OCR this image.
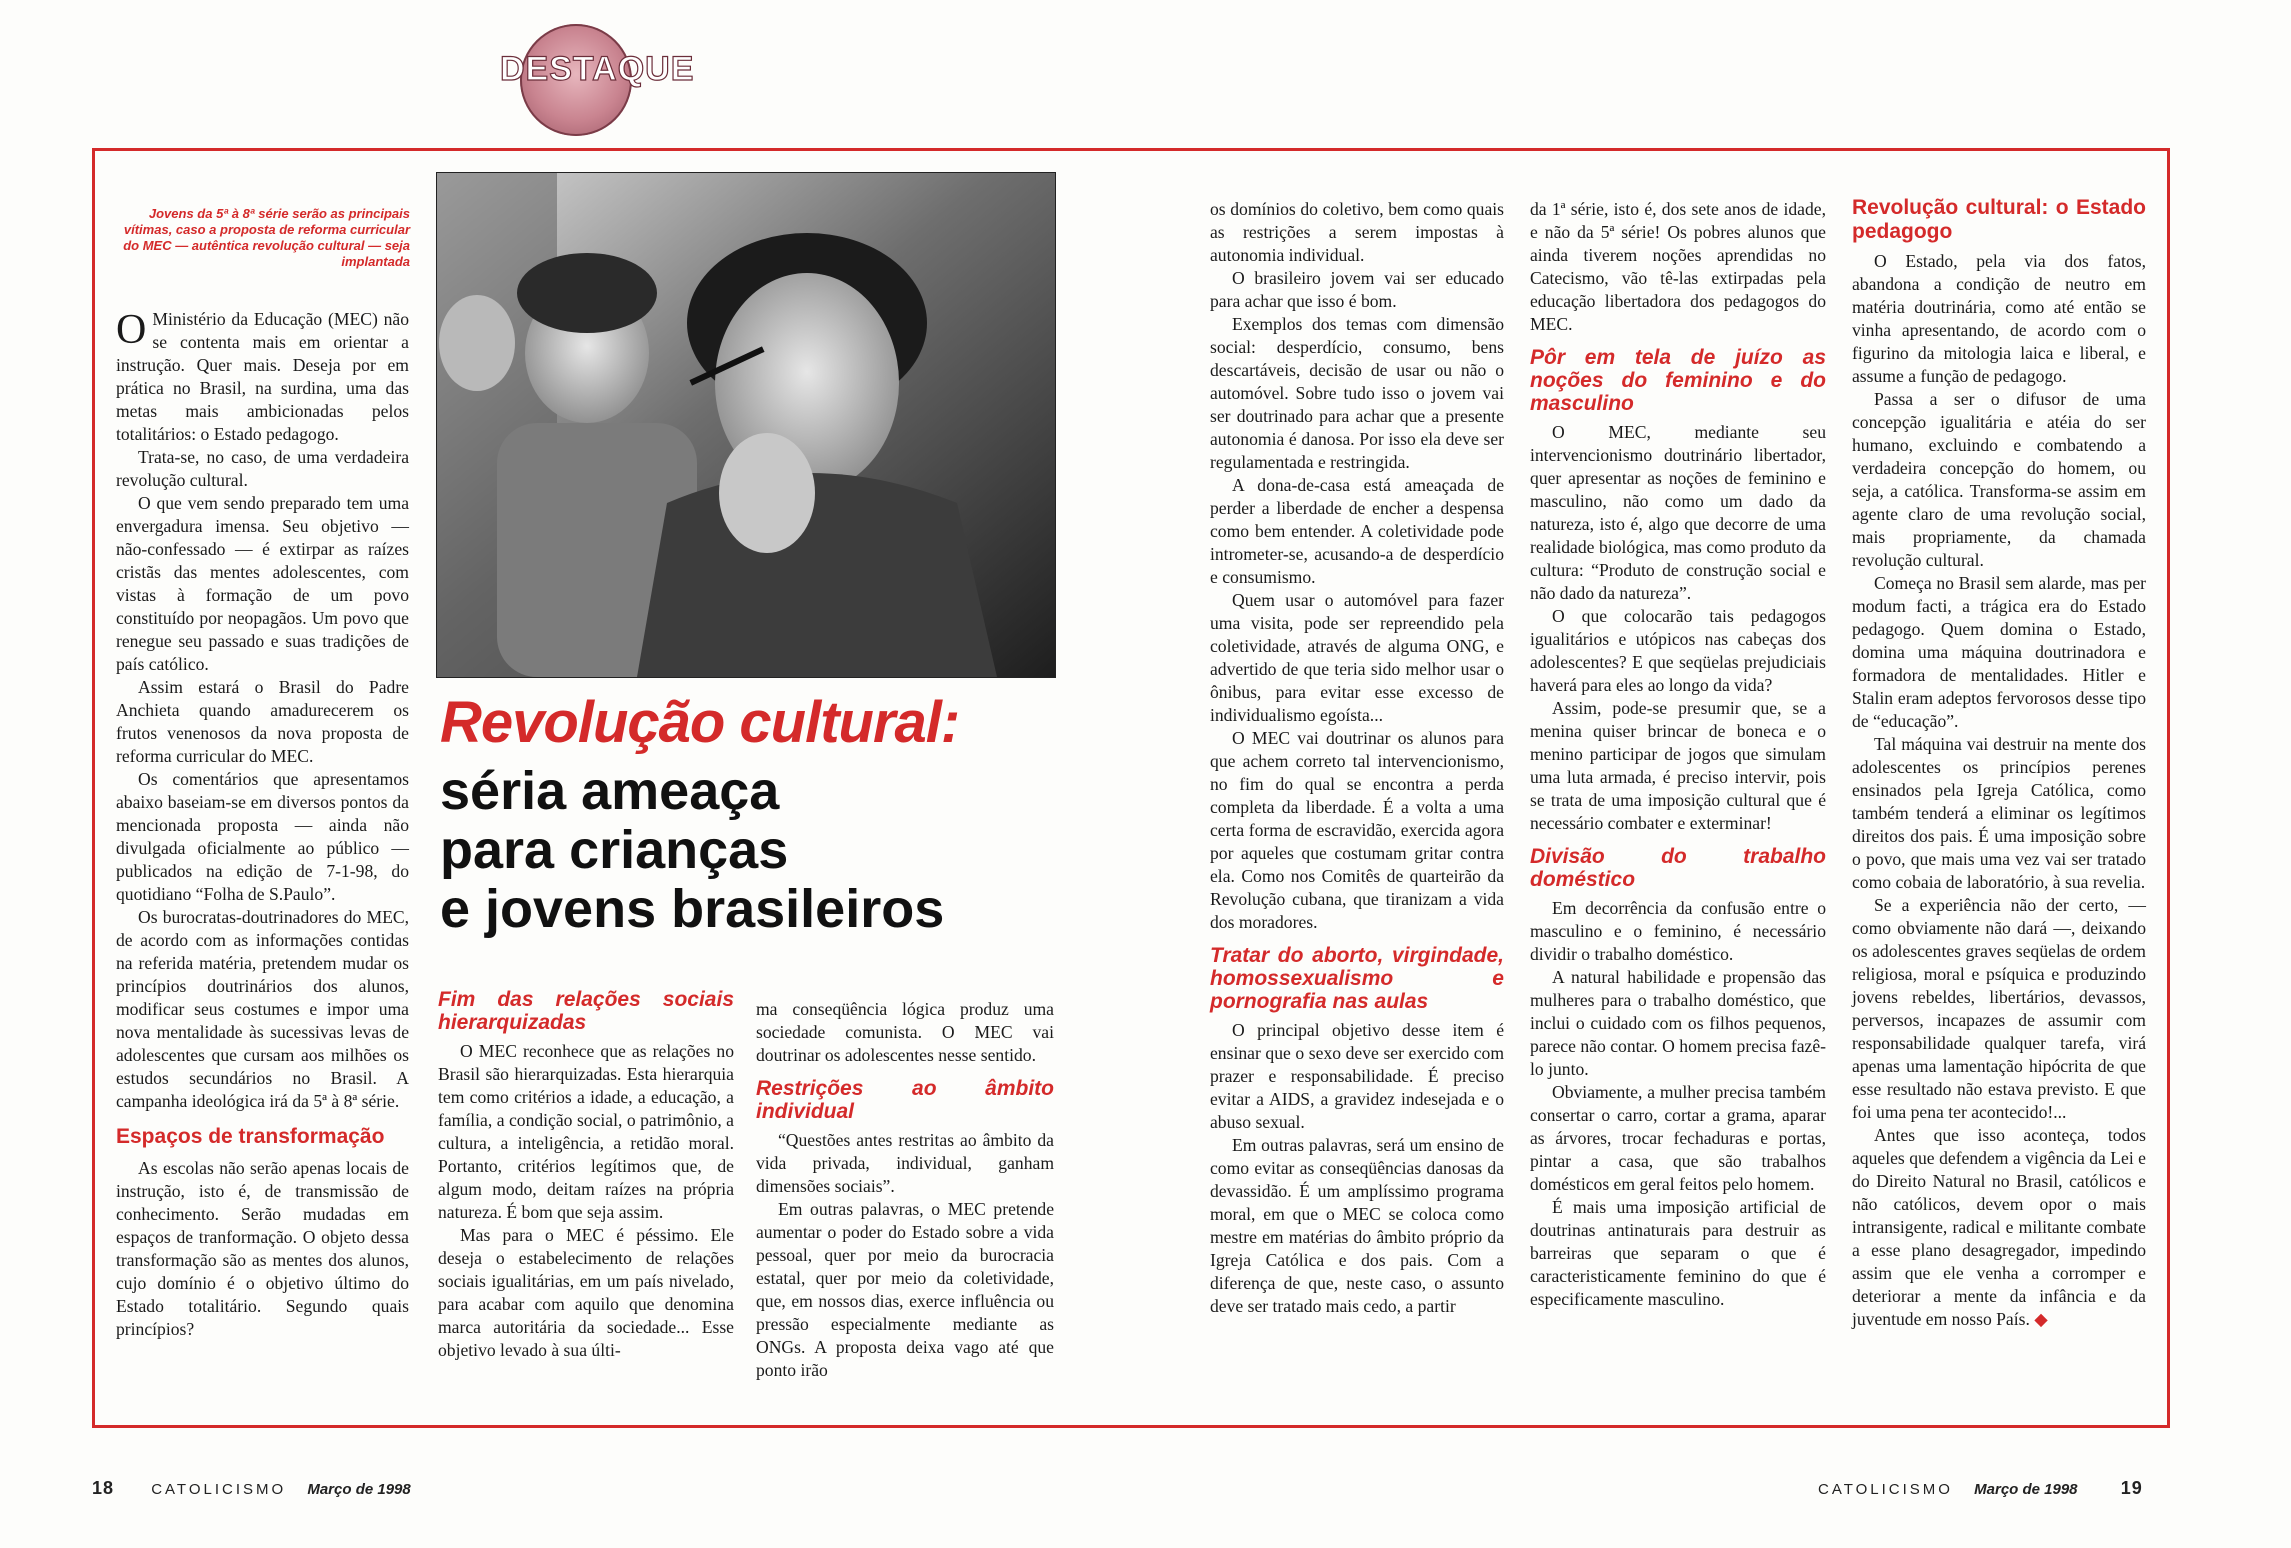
DESTAQUE
Jovens da 5ª à 8ª série serão as principais vítimas, caso a proposta de reforma curricular do MEC — autêntica revolução cultural — seja implantada
Revolução cultural:
séria ameaça
para crianças
e jovens brasileiros

O Ministério da Educação (MEC) não se contenta mais em orientar a instrução. Quer mais. Deseja por em prática no Brasil, na surdina, uma das metas mais ambicionadas pelos totalitários: o Estado pedagogo.

Trata-se, no caso, de uma verdadeira revolução cultural.

O que vem sendo preparado tem uma envergadura imensa. Seu objetivo — não-confessado — é extirpar as raízes cristãs das mentes adolescentes, com vistas à formação de um povo constituído por neopagãos. Um povo que renegue seu passado e suas tradições de país católico.

Assim estará o Brasil do Padre Anchieta quando amadurecerem os frutos venenosos da nova proposta de reforma curricular do MEC.

Os comentários que apresentamos abaixo baseiam-se em diversos pontos da mencionada proposta — ainda não divulgada oficialmente ao público — publicados na edição de 7-1-98, do quotidiano “Folha de S.Paulo”.

Os burocratas-doutrinadores do MEC, de acordo com as informações contidas na referida matéria, pretendem mudar os princípios doutrinários dos alunos, modificar seus costumes e impor uma nova mentalidade às sucessivas levas de adolescentes que cursam aos milhões os estudos secundários no Brasil. A campanha ideológica irá da 5ª à 8ª série.

Espaços de transformação

As escolas não serão apenas locais de instrução, isto é, de transmissão de conhecimento. Serão mudadas em espaços de tranformação. O objeto dessa transformação são as mentes dos alunos, cujo domínio é o objetivo último do Estado totalitário. Segundo quais princípios?

Fim das relações sociais hierarquizadas

O MEC reconhece que as relações no Brasil são hierarquizadas. Esta hierarquia tem como critérios a idade, a educação, a família, a condição social, o patrimônio, a cultura, a inteligência, a retidão moral. Portanto, critérios legítimos que, de algum modo, deitam raízes na própria natureza. É bom que seja assim.

Mas para o MEC é péssimo. Ele deseja o estabelecimento de relações sociais igualitárias, em um país nivelado, para acabar com aquilo que denomina marca autoritária da sociedade... Esse objetivo levado à sua últi-

ma conseqüência lógica produz uma sociedade comunista. O MEC vai doutrinar os adolescentes nesse sentido.

Restrições ao âmbito individual

“Questões antes restritas ao âmbito da vida privada, individual, ganham dimensões sociais”.

Em outras palavras, o MEC pretende aumentar o poder do Estado sobre a vida pessoal, quer por meio da burocracia estatal, quer por meio da coletividade, que, em nossos dias, exerce influência ou pressão especialmente mediante as ONGs. A proposta deixa vago até que ponto irão

os domínios do coletivo, bem como quais as restrições a serem impostas à autonomia individual.

O brasileiro jovem vai ser educado para achar que isso é bom.

Exemplos dos temas com dimensão social: desperdício, consumo, bens descartáveis, decisão de usar ou não o automóvel. Sobre tudo isso o jovem vai ser doutrinado para achar que a presente autonomia é danosa. Por isso ela deve ser regulamentada e restringida.

A dona-de-casa está ameaçada de perder a liberdade de encher a despensa como bem entender. A coletividade pode intrometer-se, acusando-a de desperdício e consumismo.

Quem usar o automóvel para fazer uma visita, pode ser repreendido pela coletividade, através de alguma ONG, e advertido de que teria sido melhor usar o ônibus, para evitar esse excesso de individualismo egoísta...

O MEC vai doutrinar os alunos para que achem correto tal intervencionismo, no fim do qual se encontra a perda completa da liberdade. É a volta a uma certa forma de escravidão, exercida agora por aqueles que costumam gritar contra ela. Como nos Comitês de quarteirão da Revolução cubana, que tiranizam a vida dos moradores.

Tratar do aborto, virgindade, homossexualismo e pornografia nas aulas

O principal objetivo desse item é ensinar que o sexo deve ser exercido com prazer e responsabilidade. É preciso evitar a AIDS, a gravidez indesejada e o abuso sexual.

Em outras palavras, será um ensino de como evitar as conseqüências danosas da devassidão. É um amplíssimo programa moral, em que o MEC se coloca como mestre em matérias do âmbito próprio da Igreja Católica e dos pais. Com a diferença de que, neste caso, o assunto deve ser tratado mais cedo, a partir

da 1ª série, isto é, dos sete anos de idade, e não da 5ª série! Os pobres alunos que ainda tiverem noções aprendidas no Catecismo, vão tê-las extirpadas pela educação libertadora dos pedagogos do MEC.

Pôr em tela de juízo as noções do feminino e do masculino

O MEC, mediante seu intervencionismo doutrinário libertador, quer apresentar as noções de feminino e masculino, não como um dado da natureza, isto é, algo que decorre de uma realidade biológica, mas como produto da cultura: “Produto de construção social e não dado da natureza”.

O que colocarão tais pedagogos igualitários e utópicos nas cabeças dos adolescentes? E que seqüelas prejudiciais haverá para eles ao longo da vida?

Assim, pode-se presumir que, se a menina quiser brincar de boneca e o menino participar de jogos que simulam uma luta armada, é preciso intervir, pois se trata de uma imposição cultural que é necessário combater e exterminar!

Divisão do trabalho doméstico

Em decorrência da confusão entre o masculino e o feminino, é necessário dividir o trabalho doméstico.

A natural habilidade e propensão das mulheres para o trabalho doméstico, que inclui o cuidado com os filhos pequenos, parece não contar. O homem precisa fazê-lo junto.

Obviamente, a mulher precisa também consertar o carro, cortar a grama, aparar as árvores, trocar fechaduras e portas, pintar a casa, que são trabalhos domésticos em geral feitos pelo homem.

É mais uma imposição artificial de doutrinas antinaturais para destruir as barreiras que separam o que é caracteristicamente feminino do que é especificamente masculino.

Revolução cultural: o Estado pedagogo

O Estado, pela via dos fatos, abandona a condição de neutro em matéria doutrinária, como até então se vinha apresentando, de acordo com o figurino da mitologia laica e liberal, e assume a função de pedagogo.

Passa a ser o difusor de uma concepção igualitária e atéia do ser humano, excluindo e combatendo a verdadeira concepção do homem, ou seja, a católica. Transforma-se assim em agente claro de uma revolução social, mais propriamente, da chamada revolução cultural.

Começa no Brasil sem alarde, mas per modum facti, a trágica era do Estado pedagogo. Quem domina o Estado, domina uma máquina doutrinadora e formadora de mentalidades. Hitler e Stalin eram adeptos fervorosos desse tipo de “educação”.

Tal máquina vai destruir na mente dos adolescentes os princípios perenes ensinados pela Igreja Católica, como também tenderá a eliminar os legítimos direitos dos pais. É uma imposição sobre o povo, que mais uma vez vai ser tratado como cobaia de laboratório, à sua revelia.

Se a experiência não der certo, — como obviamente não dará —, deixando os adolescentes graves seqüelas de ordem religiosa, moral e psíquica e produzindo jovens rebeldes, libertários, devassos, perversos, incapazes de assumir com responsabilidade qualquer tarefa, virá apenas uma lamentação hipócrita de que esse resultado não estava previsto. E que foi uma pena ter acontecido!...

Antes que isso aconteça, todos aqueles que defendem a vigência da Lei e do Direito Natural no Brasil, católicos e não católicos, devem opor o mais intransigente, radical e militante combate a esse plano desagregador, impedindo assim que ele venha a corromper e deteriorar a mente da infância e da juventude em nosso País. ◆

18 CATOLICISMO Março de 1998	CATOLICISMO Março de 1998 19
